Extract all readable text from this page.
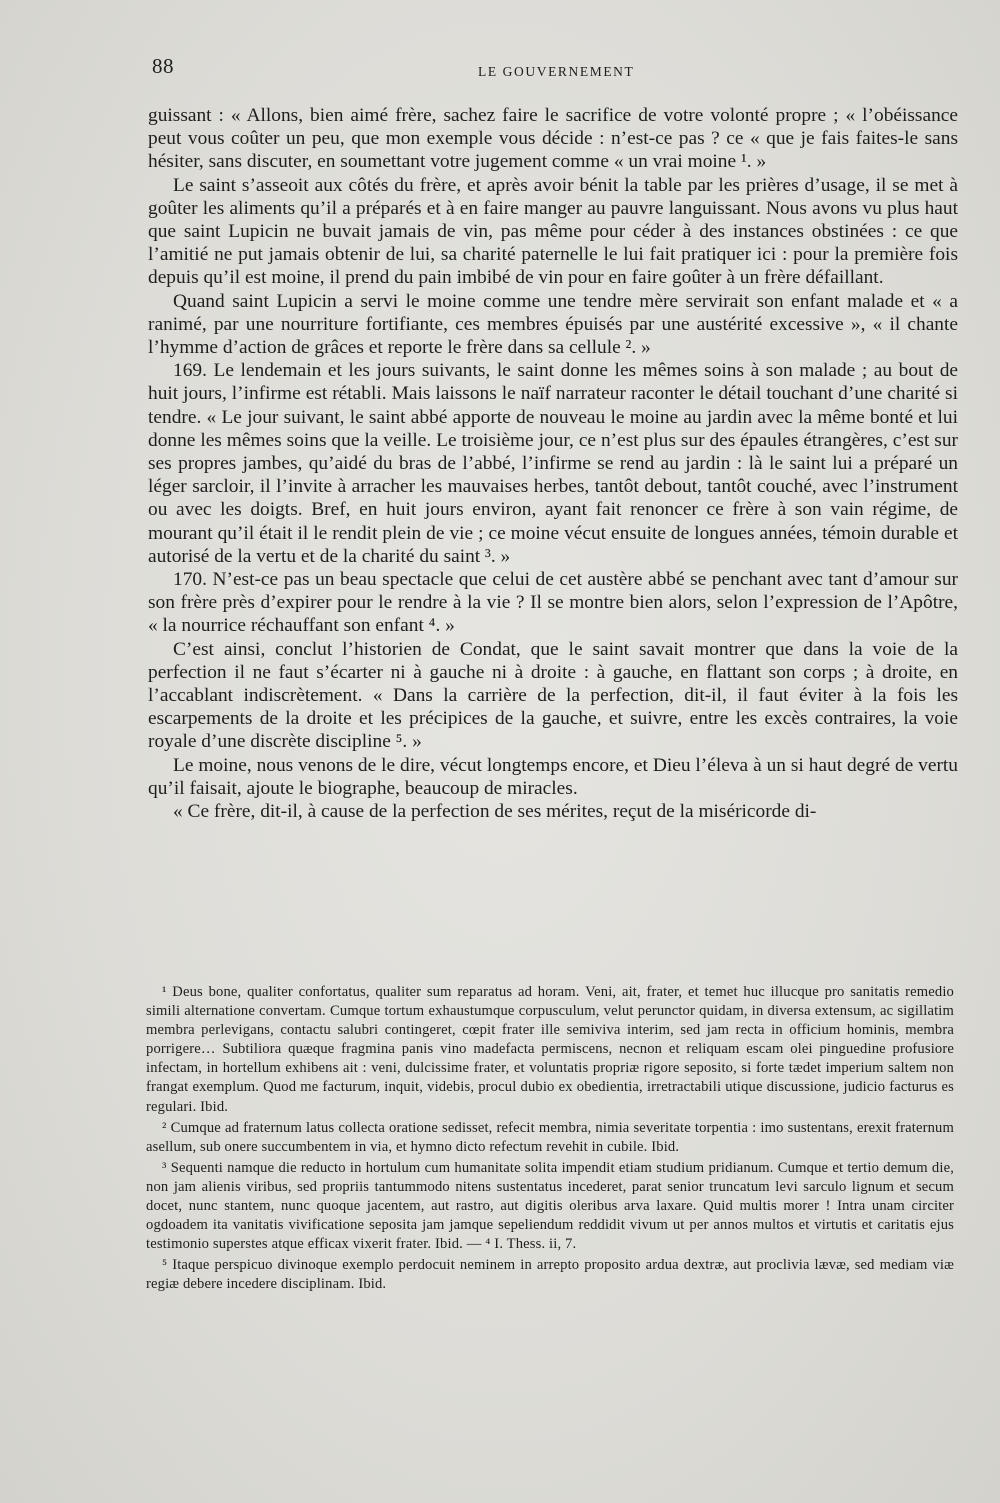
88	LE GOUVERNEMENT

guissant : « Allons, bien aimé frère, sachez faire le sacrifice de votre volonté propre ; « l’obéissance peut vous coûter un peu, que mon exemple vous décide : n’est-ce pas ? ce « que je fais faites-le sans hésiter, sans discuter, en soumettant votre jugement comme « un vrai moine ¹. »

Le saint s’asseoit aux côtés du frère, et après avoir bénit la table par les prières d’usage, il se met à goûter les aliments qu’il a préparés et à en faire manger au pauvre languissant. Nous avons vu plus haut que saint Lupicin ne buvait jamais de vin, pas même pour céder à des instances obstinées : ce que l’amitié ne put jamais obtenir de lui, sa charité paternelle le lui fait pratiquer ici : pour la première fois depuis qu’il est moine, il prend du pain imbibé de vin pour en faire goûter à un frère défaillant.

Quand saint Lupicin a servi le moine comme une tendre mère servirait son enfant malade et « a ranimé, par une nourriture fortifiante, ces membres épuisés par une austérité excessive », « il chante l’hymme d’action de grâces et reporte le frère dans sa cellule ². »

169. Le lendemain et les jours suivants, le saint donne les mêmes soins à son malade ; au bout de huit jours, l’infirme est rétabli. Mais laissons le naïf narrateur raconter le détail touchant d’une charité si tendre. « Le jour suivant, le saint abbé apporte de nouveau le moine au jardin avec la même bonté et lui donne les mêmes soins que la veille. Le troisième jour, ce n’est plus sur des épaules étrangères, c’est sur ses propres jambes, qu’aidé du bras de l’abbé, l’infirme se rend au jardin : là le saint lui a préparé un léger sarcloir, il l’invite à arracher les mauvaises herbes, tantôt debout, tantôt couché, avec l’instrument ou avec les doigts. Bref, en huit jours environ, ayant fait renoncer ce frère à son vain régime, de mourant qu’il était il le rendit plein de vie ; ce moine vécut ensuite de longues années, témoin durable et autorisé de la vertu et de la charité du saint ³. »

170. N’est-ce pas un beau spectacle que celui de cet austère abbé se penchant avec tant d’amour sur son frère près d’expirer pour le rendre à la vie ? Il se montre bien alors, selon l’expression de l’Apôtre, « la nourrice réchauffant son enfant ⁴. »

C’est ainsi, conclut l’historien de Condat, que le saint savait montrer que dans la voie de la perfection il ne faut s’écarter ni à gauche ni à droite : à gauche, en flattant son corps ; à droite, en l’accablant indiscrètement. « Dans la carrière de la perfection, dit-il, il faut éviter à la fois les escarpements de la droite et les précipices de la gauche, et suivre, entre les excès contraires, la voie royale d’une discrète discipline ⁵. »

Le moine, nous venons de le dire, vécut longtemps encore, et Dieu l’éleva à un si haut degré de vertu qu’il faisait, ajoute le biographe, beaucoup de miracles.

« Ce frère, dit-il, à cause de la perfection de ses mérites, reçut de la miséricorde di-

¹ Deus bone, qualiter confortatus, qualiter sum reparatus ad horam. Veni, ait, frater, et temet huc illucque pro sanitatis remedio simili alternatione convertam. Cumque tortum exhaustumque corpusculum, velut perunctor quidam, in diversa extensum, ac sigillatim membra perlevigans, contactu salubri contingeret, cœpit frater ille semiviva interim, sed jam recta in officium hominis, membra porrigere… Subtiliora quæque fragmina panis vino madefacta permiscens, necnon et reliquam escam olei pinguedine profusiore infectam, in hortellum exhibens ait : veni, dulcissime frater, et voluntatis propriæ rigore seposito, si forte tædet imperium saltem non frangat exemplum. Quod me facturum, inquit, videbis, procul dubio ex obedientia, irretractabili utique discussione, judicio facturus es regulari. Ibid.

² Cumque ad fraternum latus collecta oratione sedisset, refecit membra, nimia severitate torpentia : imo sustentans, erexit fraternum asellum, sub onere succumbentem in via, et hymno dicto refectum revehit in cubile. Ibid.

³ Sequenti namque die reducto in hortulum cum humanitate solita impendit etiam studium pridianum. Cumque et tertio demum die, non jam alienis viribus, sed propriis tantummodo nitens sustentatus incederet, parat senior truncatum levi sarculo lignum et secum docet, nunc stantem, nunc quoque jacentem, aut rastro, aut digitis oleribus arva laxare. Quid multis morer ! Intra unam circiter ogdoadem ita vanitatis vivificatione seposita jam jamque sepeliendum reddidit vivum ut per annos multos et virtutis et caritatis ejus testimonio superstes atque efficax vixerit frater. Ibid. — ⁴ I. Thess. ii, 7.

⁵ Itaque perspicuo divinoque exemplo perdocuit neminem in arrepto proposito ardua dextræ, aut proclivia lævæ, sed mediam viæ regiæ debere incedere disciplinam. Ibid.
